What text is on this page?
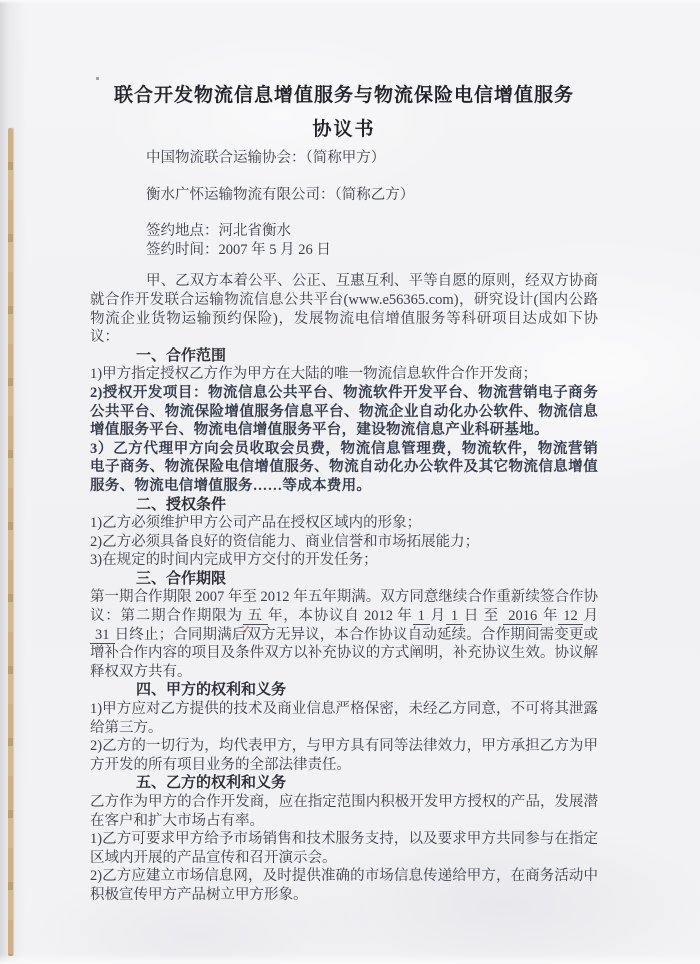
联合开发物流信息增值服务与物流保险电信增值服务
协议书

中国物流联合运输协会：（简称甲方）

衡水广怀运输物流有限公司：（简称乙方）

签约地点：河北省衡水

签约时间：2007 年 5 月 26 日

甲、乙双方本着公平、公正、互惠互利、平等自愿的原则，经双方协商就合作开发联合运输物流信息公共平台(www.e56365.com)，研究设计(国内公路物流企业货物运输预约保险)，发展物流电信增值服务等科研项目达成如下协议：

一、合作范围

1)甲方指定授权乙方作为甲方在大陆的唯一物流信息软件合作开发商；

2)授权开发项目：物流信息公共平台、物流软件开发平台、物流营销电子商务公共平台、物流保险增值服务信息平台、物流企业自动化办公软件、物流信息增值服务平台、物流电信增值服务平台，建设物流信息产业科研基地。

3）乙方代理甲方向会员收取会员费，物流信息管理费，物流软件，物流营销电子商务、物流保险电信增值服务、物流自动化办公软件及其它物流信息增值服务、物流电信增值服务……等成本费用。

二、授权条件

1)乙方必须维护甲方公司产品在授权区域内的形象；

2)乙方必须具备良好的资信能力、商业信誉和市场拓展能力；

3)在规定的时间内完成甲方交付的开发任务；

三、合作期限

第一期合作期限 2007 年至 2012 年五年期满。双方同意继续合作重新续签合作协议：第二期合作期限为 五 年，本协议自 2012 年 1 月 1 日 至 2016 年 12 月31 日终止；合同期满后双方无异议，本合作协议自动延续。合作期间需变更或增补合作内容的项目及条件双方以补充协议的方式阐明，补充协议生效。协议解释权双方共有。

四、甲方的权利和义务

1)甲方应对乙方提供的技术及商业信息严格保密，未经乙方同意，不可将其泄露给第三方。

2)乙方的一切行为，均代表甲方，与甲方具有同等法律效力，甲方承担乙方为甲方开发的所有项目业务的全部法律责任。

五、乙方的权利和义务

乙方作为甲方的合作开发商，应在指定范围内积极开发甲方授权的产品，发展潜在客户和扩大市场占有率。

1)乙方可要求甲方给予市场销售和技术服务支持，以及要求甲方共同参与在指定区域内开展的产品宣传和召开演示会。

2)乙方应建立市场信息网，及时提供准确的市场信息传递给甲方，在商务活动中积极宣传甲方产品树立甲方形象。
